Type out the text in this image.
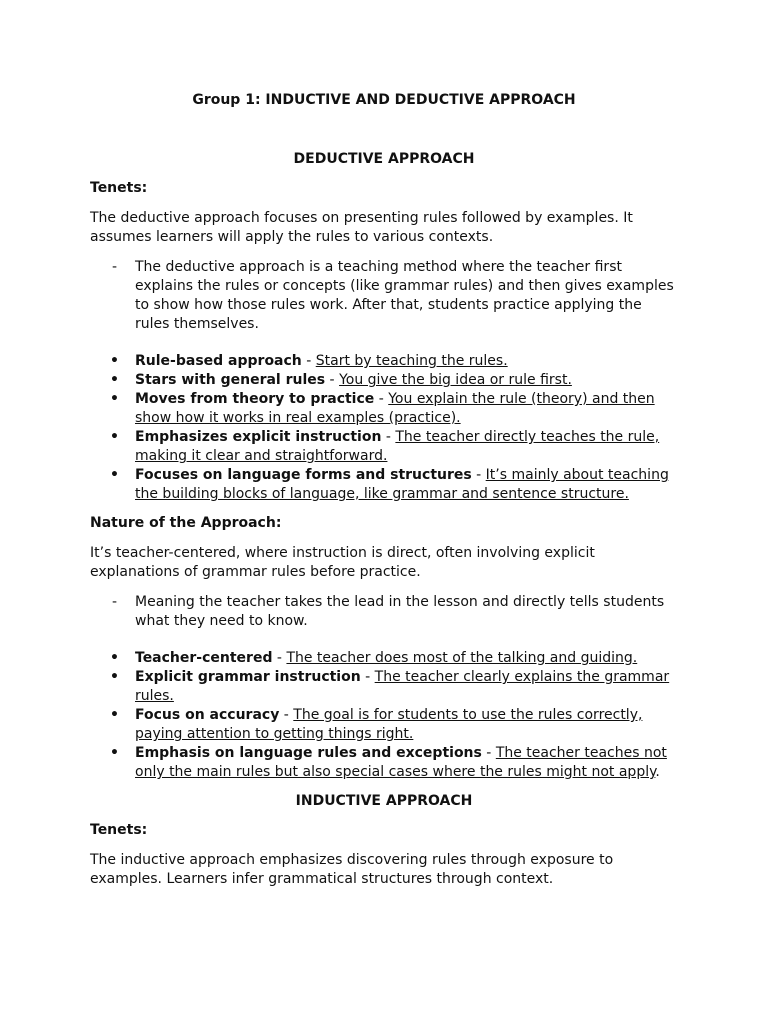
Group 1: INDUCTIVE AND DEDUCTIVE APPROACH
DEDUCTIVE APPROACH
Tenets:

The deductive approach focuses on presenting rules followed by examples. It assumes learners will apply the rules to various contexts.

- The deductive approach is a teaching method where the teacher first explains the rules or concepts (like grammar rules) and then gives examples to show how those rules work. After that, students practice applying the rules themselves.
• Rule-based approach - Start by teaching the rules.
• Stars with general rules - You give the big idea or rule first.
• Moves from theory to practice - You explain the rule (theory) and then show how it works in real examples (practice).
• Emphasizes explicit instruction - The teacher directly teaches the rule, making it clear and straightforward.
• Focuses on language forms and structures - It’s mainly about teaching the building blocks of language, like grammar and sentence structure.
Nature of the Approach:

It’s teacher-centered, where instruction is direct, often involving explicit explanations of grammar rules before practice.

- Meaning the teacher takes the lead in the lesson and directly tells students what they need to know.
• Teacher-centered - The teacher does most of the talking and guiding.
• Explicit grammar instruction - The teacher clearly explains the grammar rules.
• Focus on accuracy - The goal is for students to use the rules correctly, paying attention to getting things right.
• Emphasis on language rules and exceptions - The teacher teaches not only the main rules but also special cases where the rules might not apply.
INDUCTIVE APPROACH
Tenets:

The inductive approach emphasizes discovering rules through exposure to examples. Learners infer grammatical structures through context.
